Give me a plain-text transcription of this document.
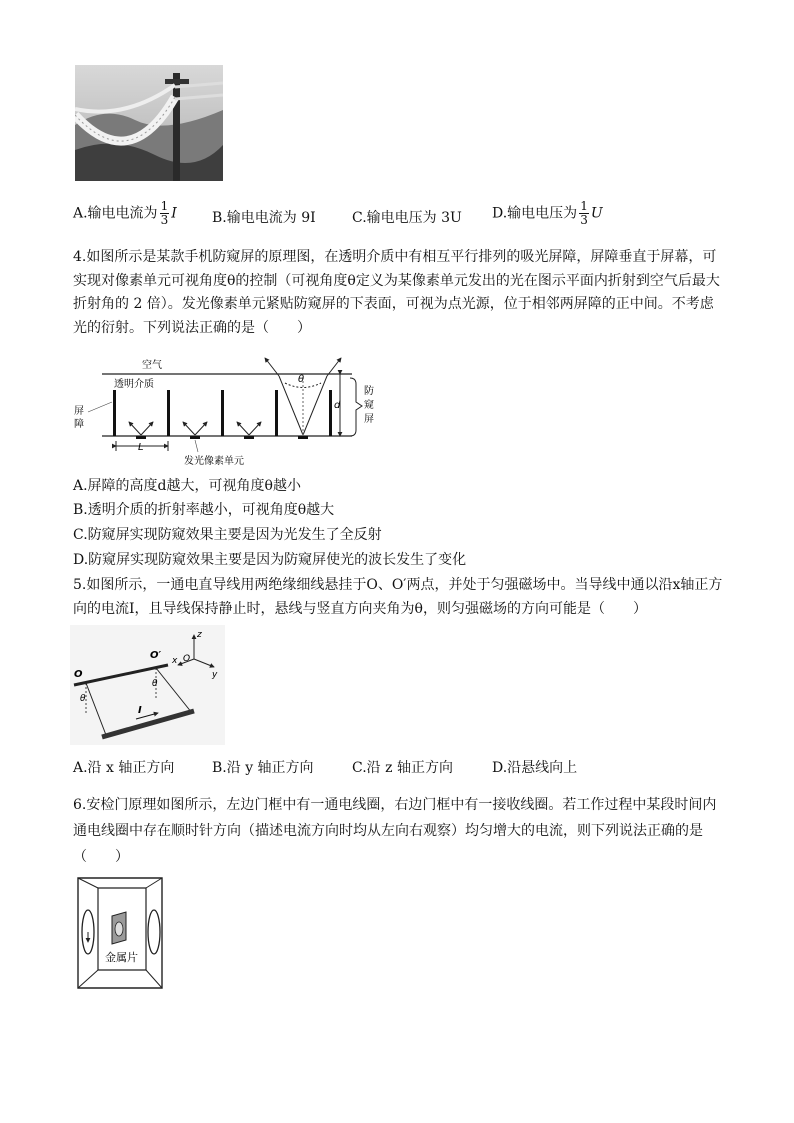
A.输电电流为 $\frac{1}{3}$ I	B.输电电流为 9I	C.输电电压为 3U D.输电电压为 $\frac{1}{3}$ U
4.如图所示是某款手机防窥屏的原理图，在透明介质中有相互平行排列的吸光屏障，屏障垂直于屏幕，可实现对像素单元可视角度θ的控制（可视角度θ定义为某像素单元发出的光在图示平面内折射到空气后最大折射角的 2 倍）。发光像素单元紧贴防窥屏的下表面，可视为点光源，位于相邻两屏障的正中间。不考虑光的衍射。下列说法正确的是（　　）
空气
透明介质
屏
障
θ
d
防
窥
屏
L
发光像素单元
A.屏障的高度d越大，可视角度θ越小
B.透明介质的折射率越小，可视角度θ越大
C.防窥屏实现防窥效果主要是因为光发生了全反射
D.防窥屏实现防窥效果主要是因为防窥屏使光的波长发生了变化
5.如图所示，一通电直导线用两绝缘细线悬挂于O、O′两点，并处于匀强磁场中。当导线中通以沿x轴正方向的电流I，且导线保持静止时，悬线与竖直方向夹角为θ，则匀强磁场的方向可能是（　　）
O
O′
θ
θ
I
z
x O
y
A.沿 x 轴正方向	B.沿 y 轴正方向	C.沿 z 轴正方向	D.沿悬线向上
6.安检门原理如图所示，左边门框中有一通电线圈，右边门框中有一接收线圈。若工作过程中某段时间内通电线圈中存在顺时针方向（描述电流方向时均从左向右观察）均匀增大的电流，则下列说法正确的是（　　）
金属片
